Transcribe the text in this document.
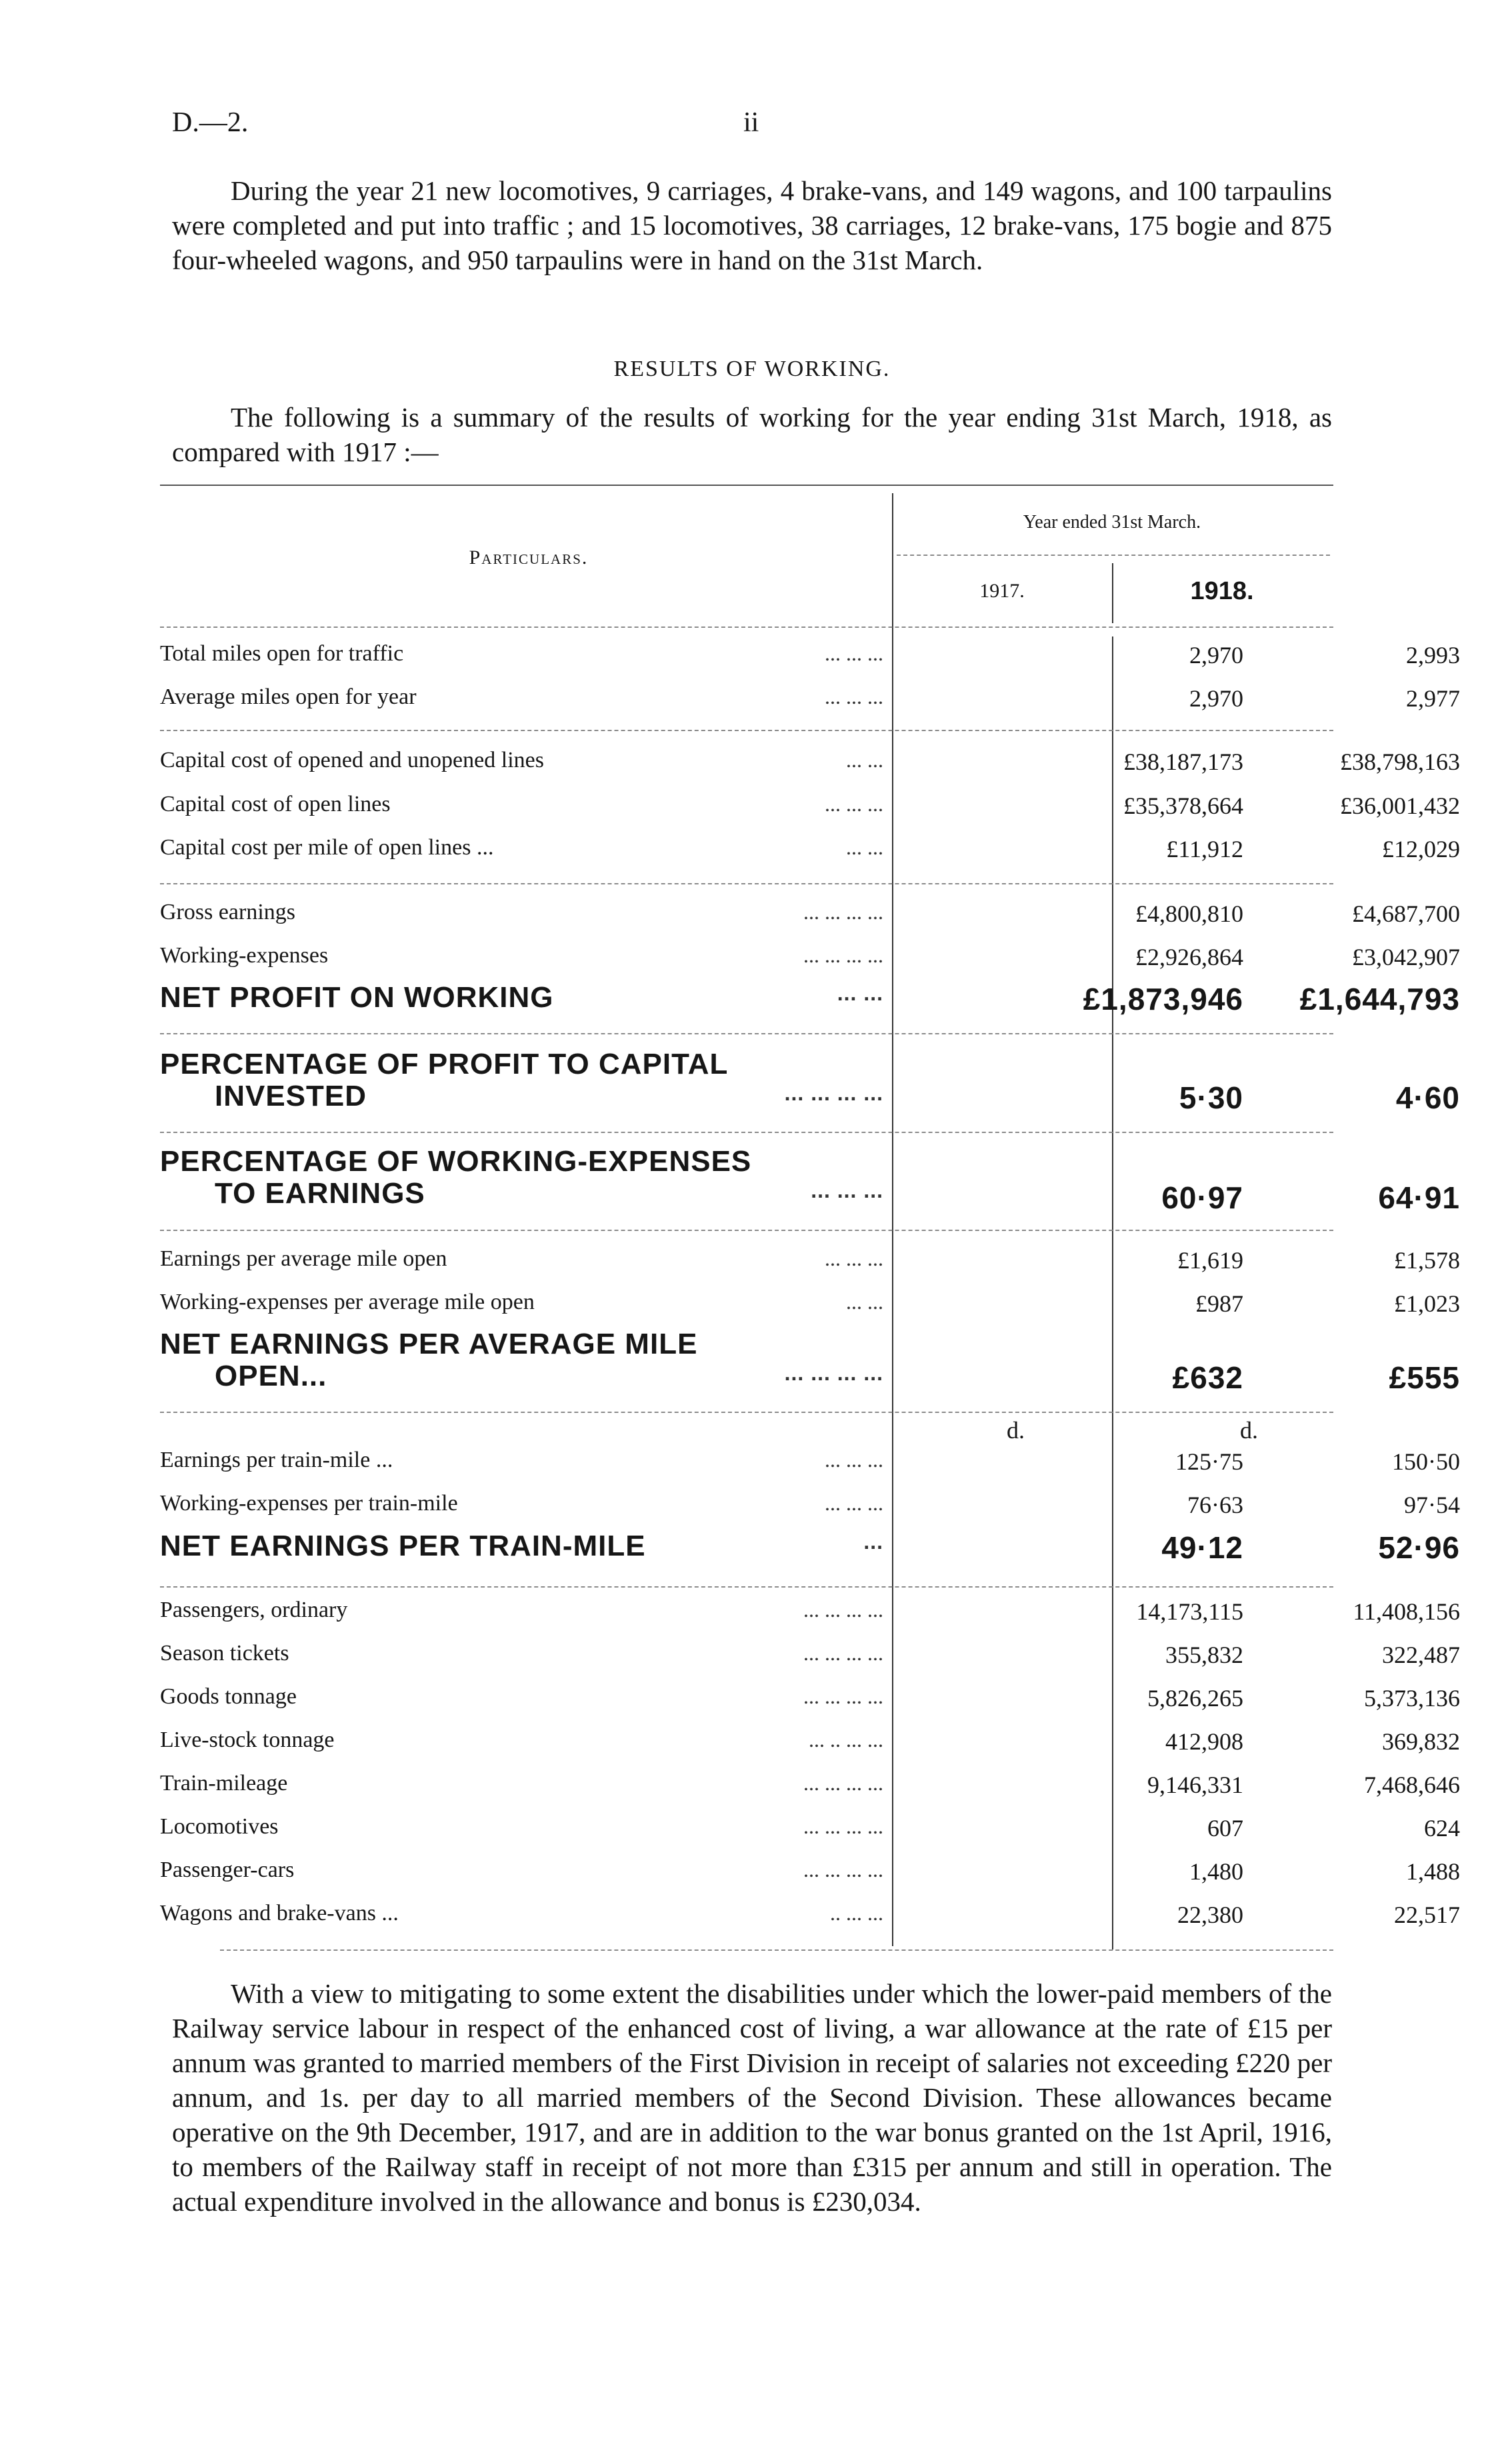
D.—2.	ii

During the year 21 new locomotives, 9 carriages, 4 brake-vans, and 149 wagons, and 100 tarpaulins were completed and put into traffic ; and 15 locomotives, 38 carriages, 12 brake-vans, 175 bogie and 875 four-wheeled wagons, and 950 tarpaulins were in hand on the 31st March.

RESULTS OF WORKING.

The following is a summary of the results of working for the year ending 31st March, 1918, as compared with 1917 :—

Particulars.
Year ended 31st March.
1917.	1918.
d.	d.
Total miles open for traffic	... ... ...	2,970	2,993
Average miles open for year	... ... ...	2,970	2,977
Capital cost of opened and unopened lines	... ...	£38,187,173	£38,798,163
Capital cost of open lines	... ... ...	£35,378,664	£36,001,432
Capital cost per mile of open lines ...	... ...	£11,912	£12,029
Gross earnings	... ... ... ...	£4,800,810	£4,687,700
Working-expenses	... ... ... ...	£2,926,864	£3,042,907
NET PROFIT ON WORKING	... ...	£1,873,946	£1,644,793
PERCENTAGE OF PROFIT TO CAPITAL
INVESTED	... ... ... ...	5·30	4·60
PERCENTAGE OF WORKING-EXPENSES
TO EARNINGS	... ... ...	60·97	64·91
Earnings per average mile open	... ... ...	£1,619	£1,578
Working-expenses per average mile open	... ...	£987	£1,023
NET EARNINGS PER AVERAGE MILE
OPEN...	... ... ... ...	£632	£555
Earnings per train-mile ...	... ... ...	125·75	150·50
Working-expenses per train-mile	... ... ...	76·63	97·54
NET EARNINGS PER TRAIN-MILE	...	49·12	52·96
Passengers, ordinary	... ... ... ...	14,173,115	11,408,156
Season tickets	... ... ... ...	355,832	322,487
Goods tonnage	... ... ... ...	5,826,265	5,373,136
Live-stock tonnage	... .. ... ...	412,908	369,832
Train-mileage	... ... ... ...	9,146,331	7,468,646
Locomotives	... ... ... ...	607	624
Passenger-cars	... ... ... ...	1,480	1,488
Wagons and brake-vans ...	.. ... ...	22,380	22,517

With a view to mitigating to some extent the disabilities under which the lower-paid members of the Railway service labour in respect of the enhanced cost of living, a war allowance at the rate of £15 per annum was granted to married members of the First Division in receipt of salaries not exceeding £220 per annum, and 1s. per day to all married members of the Second Division. These allowances became operative on the 9th December, 1917, and are in addition to the war bonus granted on the 1st April, 1916, to members of the Railway staff in receipt of not more than £315 per annum and still in operation. The actual expenditure involved in the allowance and bonus is £230,034.
